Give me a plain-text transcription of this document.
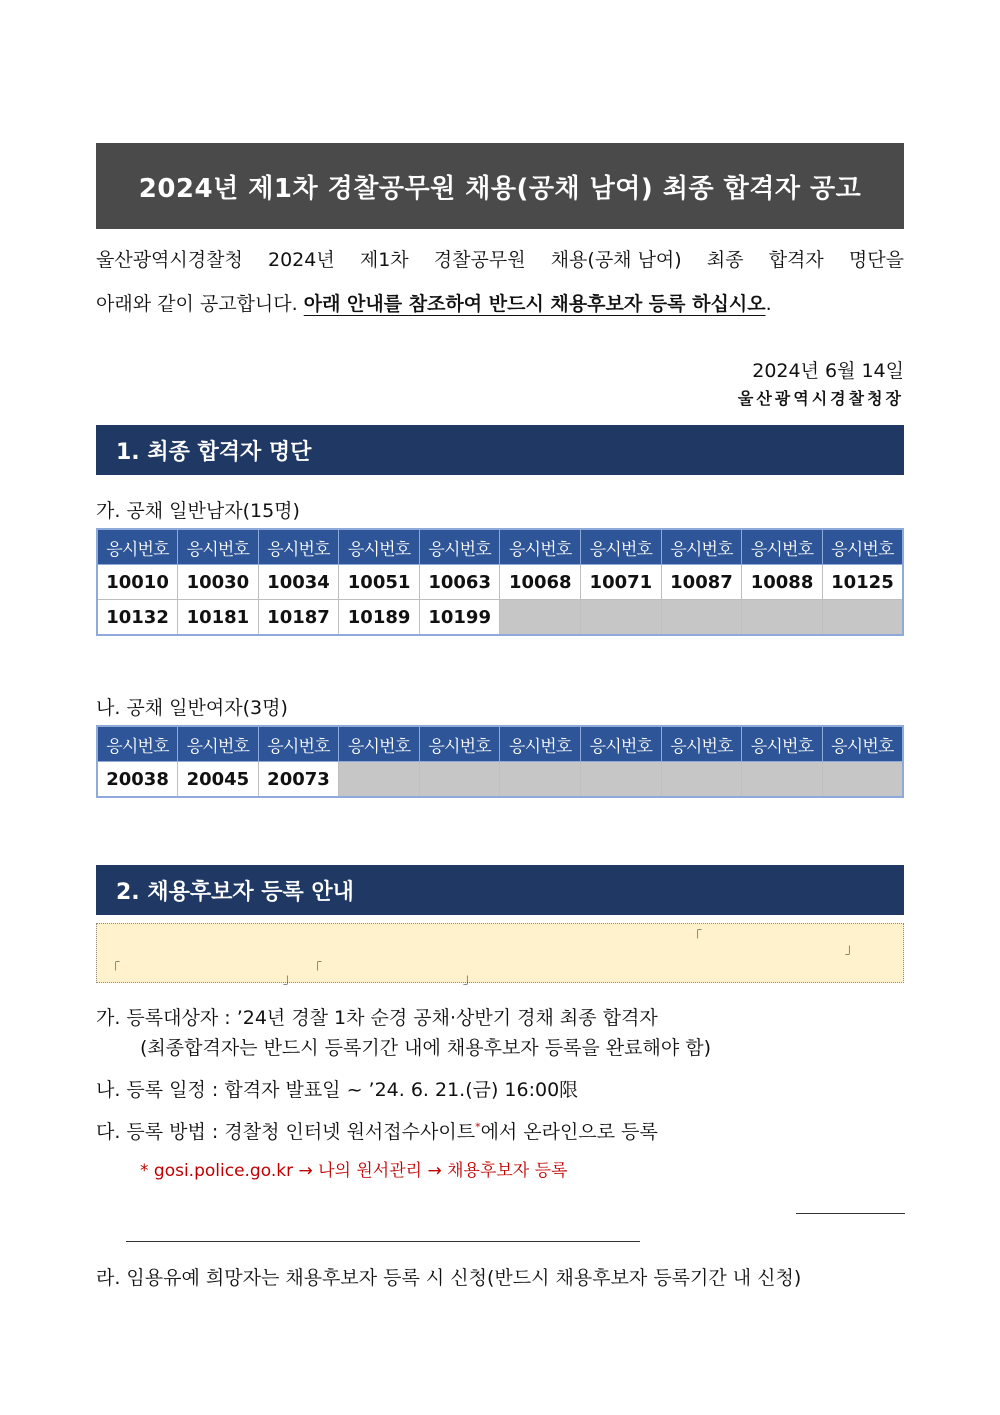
2024년 제1차 경찰공무원 채용(공채 남여) 최종 합격자 공고
울산광역시경찰청 2024년 제1차 경찰공무원 채용(공채 남여) 최종 합격자 명단을
아래와 같이 공고합니다. 아래 안내를 참조하여 반드시 채용후보자 등록 하십시오.
2024년 6월 14일
울산광역시경찰청장
1. 최종 합격자 명단
가. 공채 일반남자(15명)
응시번호	응시번호	응시번호	응시번호	응시번호	응시번호	응시번호	응시번호	응시번호	응시번호
10010	10030	10034	10051	10063	10068	10071	10087	10088	10125
10132	10181	10187	10189	10199					
나. 공채 일반여자(3명)
응시번호	응시번호	응시번호	응시번호	응시번호	응시번호	응시번호	응시번호	응시번호	응시번호
20038	20045	20073							
2. 채용후보자 등록 안내
「
」
「
」
「
」
가. 등록대상자 : ’24년 경찰 1차 순경 공채·상반기 경채 최종 합격자
(최종합격자는 반드시 등록기간 내에 채용후보자 등록을 완료해야 함)
나. 등록 일정 : 합격자 발표일 ~ ’24. 6. 21.(금) 16:00限
다. 등록 방법 : 경찰청 인터넷 원서접수사이트*에서 온라인으로 등록
* gosi.police.go.kr → 나의 원서관리 → 채용후보자 등록
라. 임용유예 희망자는 채용후보자 등록 시 신청(반드시 채용후보자 등록기간 내 신청)
